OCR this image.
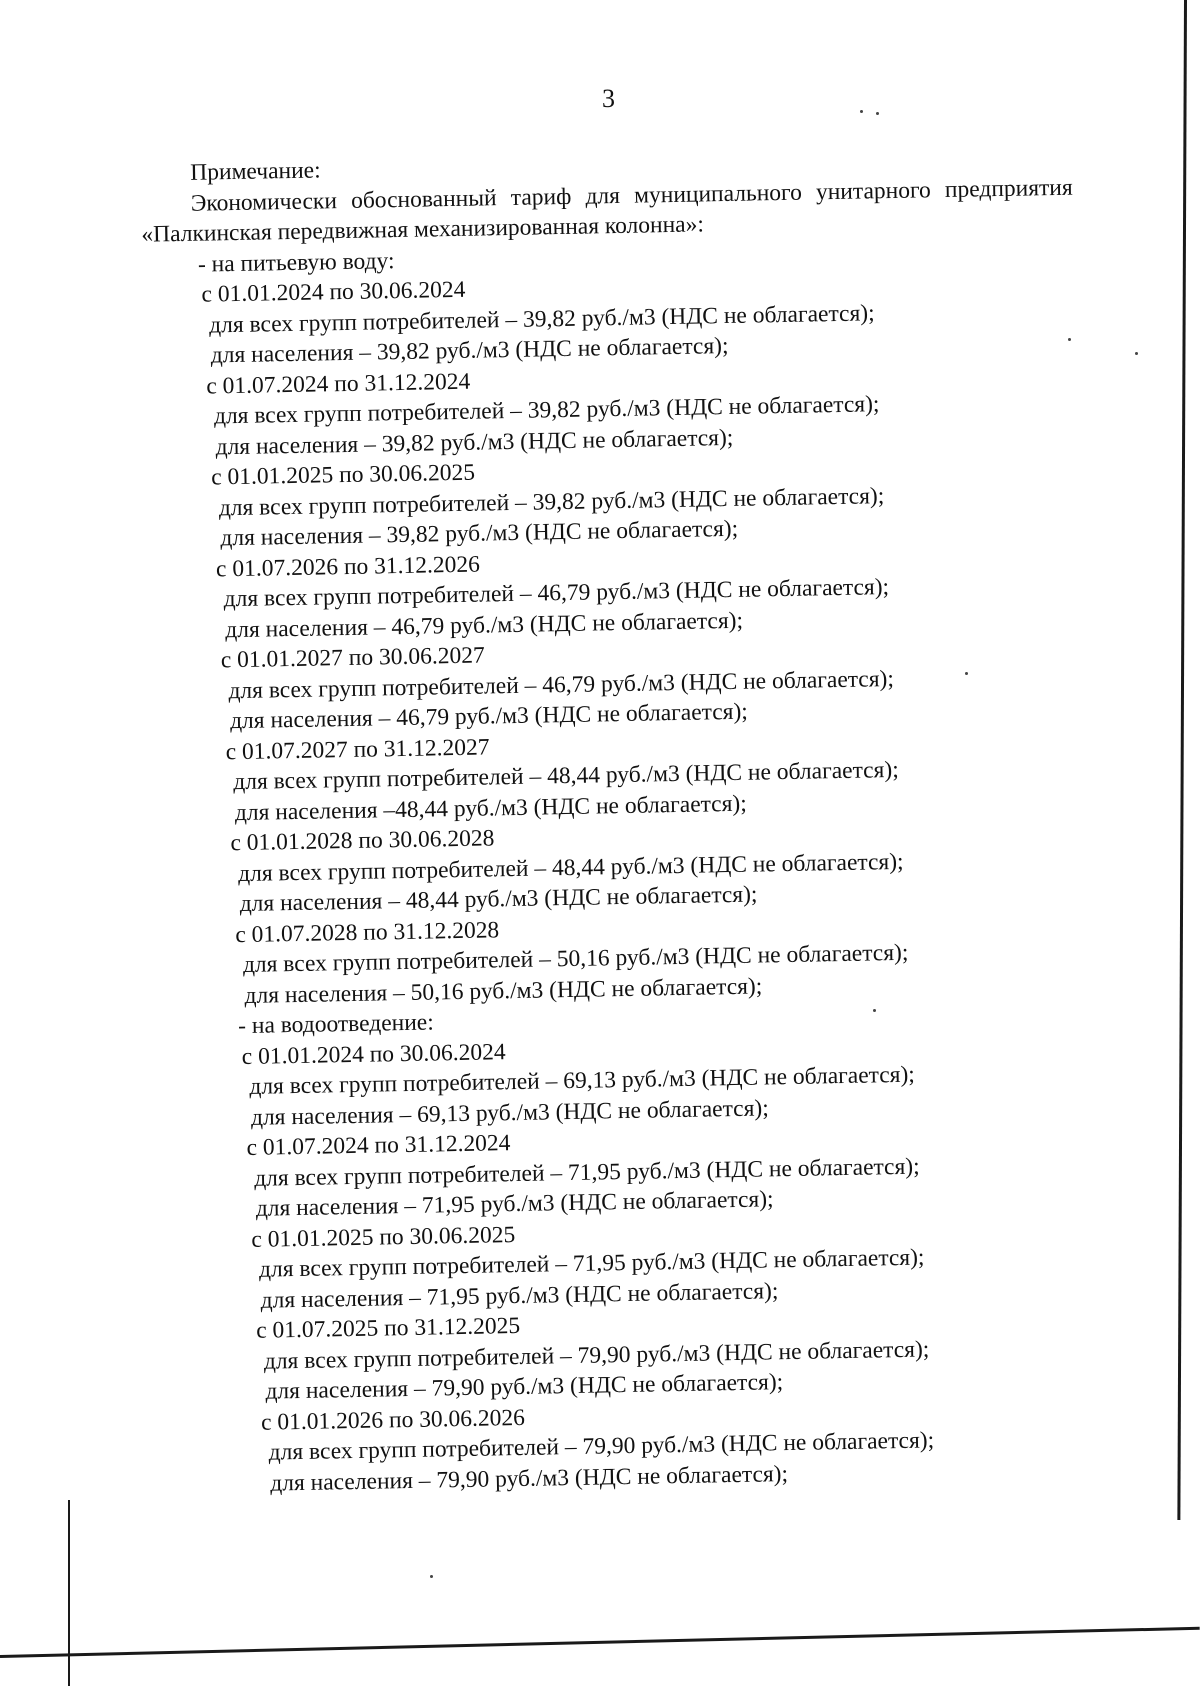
3
Примечание:
Экономически обоснованный тариф для муниципального унитарного предприятия
«Палкинская передвижная механизированная колонна»:
- на питьевую воду:
с 01.01.2024 по 30.06.2024
для всех групп потребителей – 39,82 руб./м3 (НДС не облагается);
для населения – 39,82 руб./м3 (НДС не облагается);
с 01.07.2024 по 31.12.2024
для всех групп потребителей – 39,82 руб./м3 (НДС не облагается);
для населения – 39,82 руб./м3 (НДС не облагается);
с 01.01.2025 по 30.06.2025
для всех групп потребителей – 39,82 руб./м3 (НДС не облагается);
для населения – 39,82 руб./м3 (НДС не облагается);
с 01.07.2026 по 31.12.2026
для всех групп потребителей – 46,79 руб./м3 (НДС не облагается);
для населения – 46,79 руб./м3 (НДС не облагается);
с 01.01.2027 по 30.06.2027
для всех групп потребителей – 46,79 руб./м3 (НДС не облагается);
для населения – 46,79 руб./м3 (НДС не облагается);
с 01.07.2027 по 31.12.2027
для всех групп потребителей – 48,44 руб./м3 (НДС не облагается);
для населения –48,44 руб./м3 (НДС не облагается);
с 01.01.2028 по 30.06.2028
для всех групп потребителей – 48,44 руб./м3 (НДС не облагается);
для населения – 48,44 руб./м3 (НДС не облагается);
с 01.07.2028 по 31.12.2028
для всех групп потребителей – 50,16 руб./м3 (НДС не облагается);
для населения – 50,16 руб./м3 (НДС не облагается);
- на водоотведение:
с 01.01.2024 по 30.06.2024
для всех групп потребителей – 69,13 руб./м3 (НДС не облагается);
для населения – 69,13 руб./м3 (НДС не облагается);
с 01.07.2024 по 31.12.2024
для всех групп потребителей – 71,95 руб./м3 (НДС не облагается);
для населения – 71,95 руб./м3 (НДС не облагается);
с 01.01.2025 по 30.06.2025
для всех групп потребителей – 71,95 руб./м3 (НДС не облагается);
для населения – 71,95 руб./м3 (НДС не облагается);
с 01.07.2025 по 31.12.2025
для всех групп потребителей – 79,90 руб./м3 (НДС не облагается);
для населения – 79,90 руб./м3 (НДС не облагается);
с 01.01.2026 по 30.06.2026
для всех групп потребителей – 79,90 руб./м3 (НДС не облагается);
для населения – 79,90 руб./м3 (НДС не облагается);
